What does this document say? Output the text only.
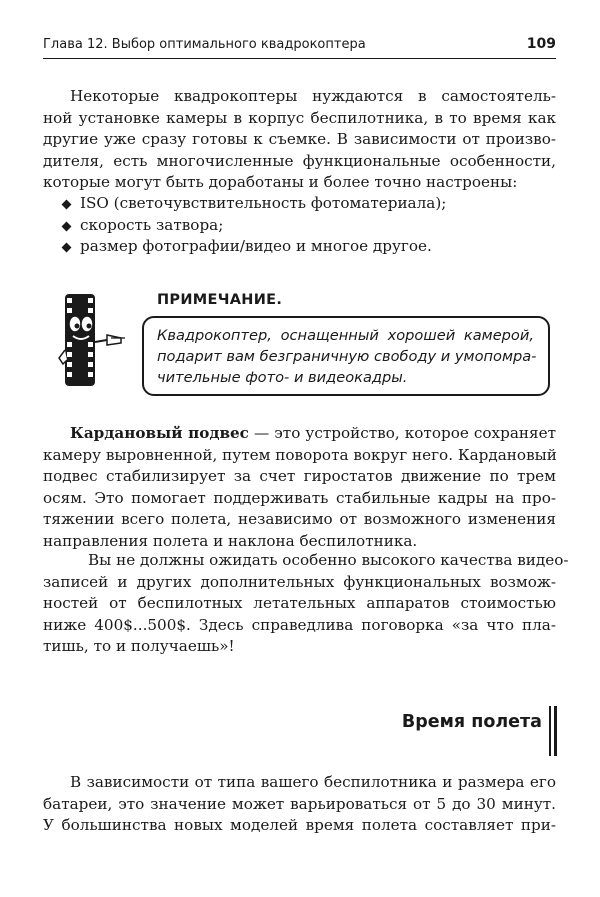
Глава 12. Выбор оптимального квадрокоптера	109
Некоторые квадрокоптеры нуждаются в самостоятель-
ной установке камеры в корпус беспилотника, в то время как
другие уже сразу готовы к съемке. В зависимости от произво-
дителя, есть многочисленные функциональные особенности,
которые могут быть доработаны и более точно настроены:
ISO (светочувствительность фотоматериала);
скорость затвора;
размер фотографии/видео и многое другое.
ПРИМЕЧАНИЕ.
Квадрокоптер, оснащенный хорошей камерой,
подарит вам безграничную свободу и умопомра-
чительные фото- и видеокадры.
Кардановый подвес — это устройство, которое сохраняет
камеру выровненной, путем поворота вокруг него. Кардановый
подвес стабилизирует за счет гиростатов движение по трем
осям. Это помогает поддерживать стабильные кадры на про-
тяжении всего полета, независимо от возможного изменения
направления полета и наклона беспилотника.
Вы не должны ожидать особенно высокого качества видео-
записей и других дополнительных функциональных возмож-
ностей от беспилотных летательных аппаратов стоимостью
ниже 400$...500$. Здесь справедлива поговорка «за что пла-
тишь, то и получаешь»!
Время полета
В зависимости от типа вашего беспилотника и размера его
батареи, это значение может варьироваться от 5 до 30 минут.
У большинства новых моделей время полета составляет при-
